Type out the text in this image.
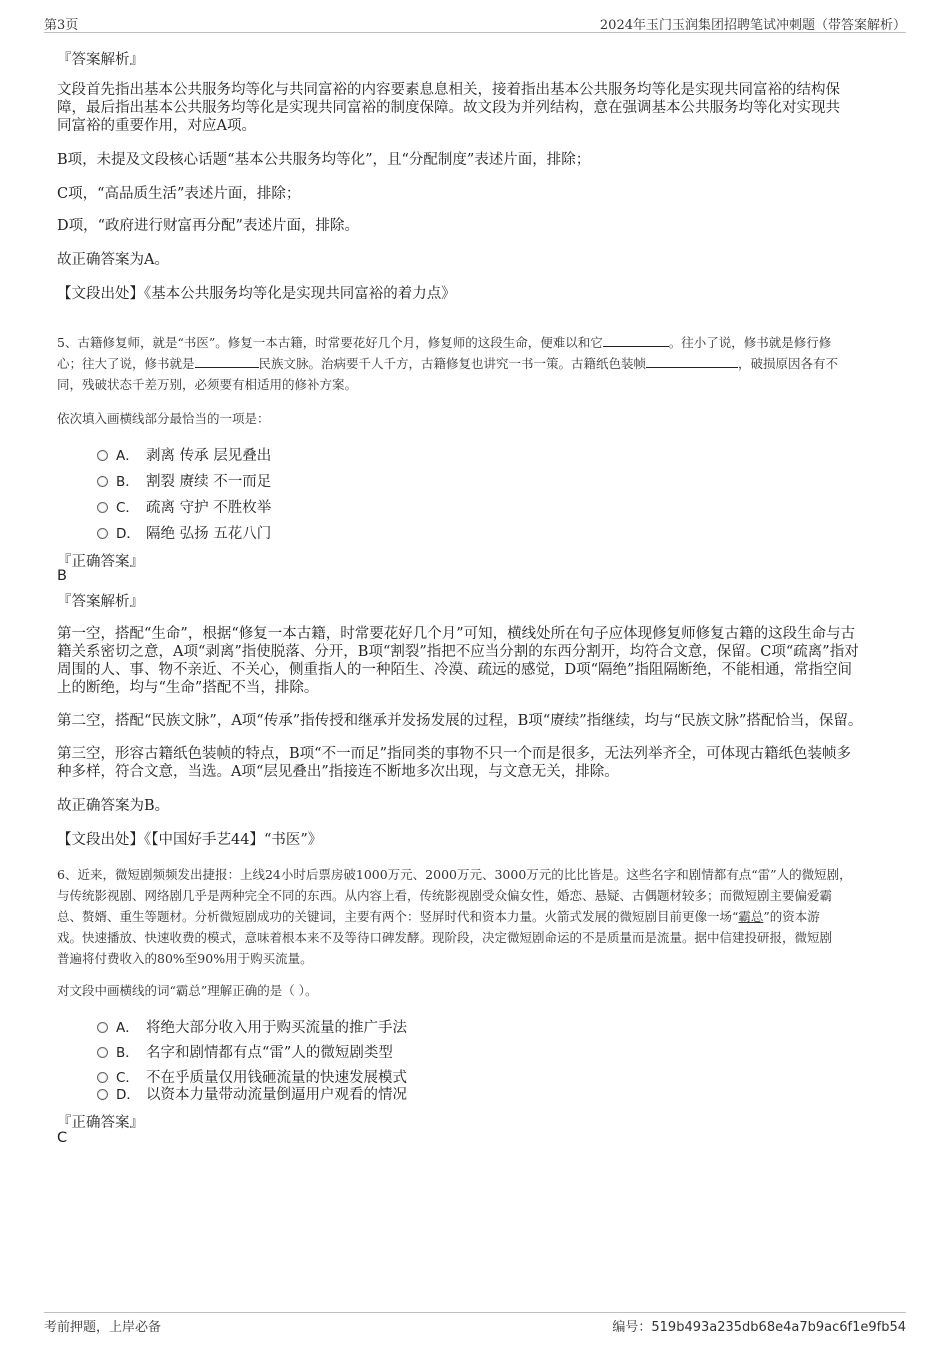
第3页	2024年玉门玉润集团招聘笔试冲刺题（带答案解析）
『答案解析』
文段首先指出基本公共服务均等化与共同富裕的内容要素息息相关，接着指出基本公共服务均等化是实现共同富裕的结构保
障，最后指出基本公共服务均等化是实现共同富裕的制度保障。故文段为并列结构，意在强调基本公共服务均等化对实现共
同富裕的重要作用，对应A项。
B项，未提及文段核心话题“基本公共服务均等化”，且“分配制度”表述片面，排除；
C项，“高品质生活”表述片面，排除；
D项，“政府进行财富再分配”表述片面，排除。
故正确答案为A。
【文段出处】《基本公共服务均等化是实现共同富裕的着力点》
5、古籍修复师，就是“书医”。修复一本古籍，时常要花好几个月，修复师的这段生命，便难以和它	。往小了说，修书就是修行修
心；往大了说，修书就是	民族文脉。治病要千人千方，古籍修复也讲究一书一策。古籍纸色装帧	，破损原因各有不
同，残破状态千差万别，必须要有相适用的修补方案。
依次填入画横线部分最恰当的一项是：
A． 剥离 传承 层见叠出
B． 割裂 赓续 不一而足
C． 疏离 守护 不胜枚举
D． 隔绝 弘扬 五花八门
『正确答案』
B
『答案解析』
第一空，搭配“生命”，根据“修复一本古籍，时常要花好几个月”可知，横线处所在句子应体现修复师修复古籍的这段生命与古
籍关系密切之意，A项“剥离”指使脱落、分开，B项“割裂”指把不应当分割的东西分割开，均符合文意，保留。C项“疏离”指对
周围的人、事、物不亲近、不关心，侧重指人的一种陌生、冷漠、疏远的感觉，D项“隔绝”指阻隔断绝，不能相通，常指空间
上的断绝，均与“生命”搭配不当，排除。
第二空，搭配“民族文脉”，A项“传承”指传授和继承并发扬发展的过程，B项“赓续”指继续，均与“民族文脉”搭配恰当，保留。
第三空，形容古籍纸色装帧的特点，B项“不一而足”指同类的事物不只一个而是很多，无法列举齐全，可体现古籍纸色装帧多
种多样，符合文意，当选。A项“层见叠出”指接连不断地多次出现，与文意无关，排除。
故正确答案为B。
【文段出处】《【中国好手艺44】“书医”》
6、近来，微短剧频频发出捷报：上线24小时后票房破1000万元、2000万元、3000万元的比比皆是。这些名字和剧情都有点“雷”人的微短剧，
与传统影视剧、网络剧几乎是两种完全不同的东西。从内容上看，传统影视剧受众偏女性，婚恋、悬疑、古偶题材较多；而微短剧主要偏爱霸
总、赘婿、重生等题材。分析微短剧成功的关键词，主要有两个：竖屏时代和资本力量。火箭式发展的微短剧目前更像一场“霸总”的资本游
戏。快速播放、快速收费的模式，意味着根本来不及等待口碑发酵。现阶段，决定微短剧命运的不是质量而是流量。据中信建投研报，微短剧
普遍将付费收入的80%至90%用于购买流量。
对文段中画横线的词“霸总”理解正确的是（ ）。
A． 将绝大部分收入用于购买流量的推广手法
B． 名字和剧情都有点“雷”人的微短剧类型
C． 不在乎质量仅用钱砸流量的快速发展模式
D． 以资本力量带动流量倒逼用户观看的情况
『正确答案』
C
考前押题，上岸必备	编号：519b493a235db68e4a7b9ac6f1e9fb54
